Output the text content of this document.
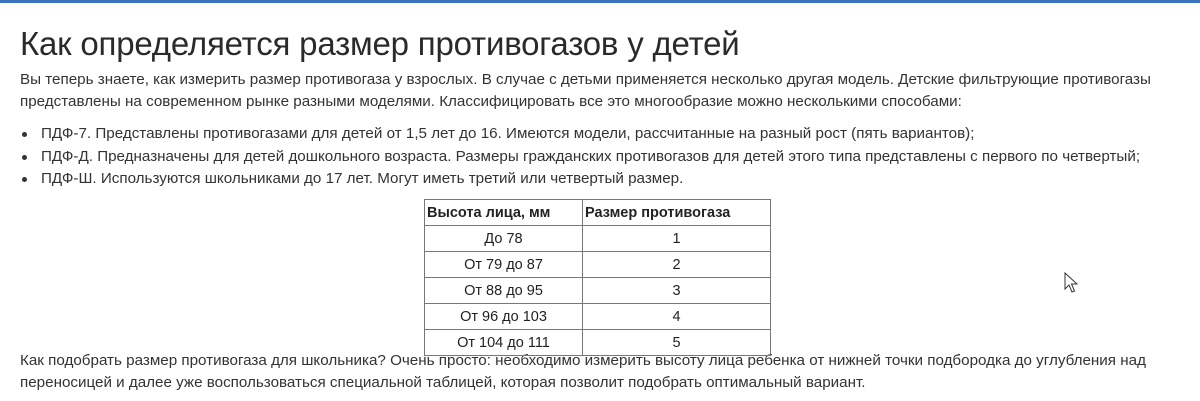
Как определяется размер противогазов у детей

Вы теперь знаете, как измерить размер противогаза у взрослых. В случае с детьми применяется несколько другая модель. Детские фильтрующие противогазы
представлены на современном рынке разными моделями. Классифицировать все это многообразие можно несколькими способами:

ПДФ-7. Представлены противогазами для детей от 1,5 лет до 16. Имеются модели, рассчитанные на разный рост (пять вариантов);
ПДФ-Д. Предназначены для детей дошкольного возраста. Размеры гражданских противогазов для детей этого типа представлены с первого по четвертый;
ПДФ-Ш. Используются школьниками до 17 лет. Могут иметь третий или четвертый размер.

Как подобрать размер противогаза для школьника? Очень просто: необходимо измерить высоту лица ребенка от нижней точки подбородка до углубления над
переносицей и далее уже воспользоваться специальной таблицей, которая позволит подобрать оптимальный вариант.

Высота лица, мм	Размер противогаза
До 78	1
От 79 до 87	2
От 88 до 95	3
От 96 до 103	4
От 104 до 111	5
